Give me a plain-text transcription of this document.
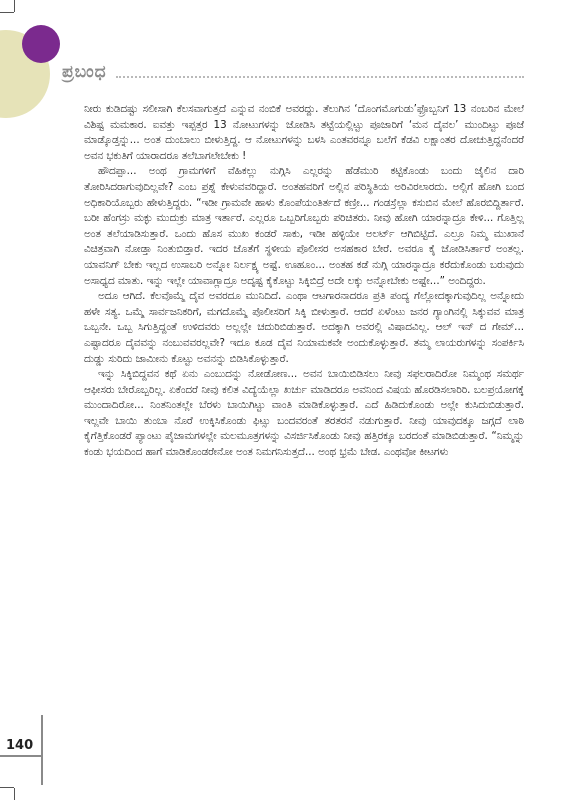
ಪ್ರಬಂಧ

ನೀರು ಕುಡಿದಷ್ಟು ಸಲೀಸಾಗಿ ಕೆಲಸವಾಗುತ್ತದೆ ಎನ್ನುವ ನಂಬಿಕೆ ಅವರದ್ದು. ತೆಲುಗಿನ ‘ದೊಂಗಮೊಗುಡು’ಫ್ರೊಬ್ಬನಿಗೆ 13 ನಂಬರಿನ ಮೇಲೆ ವಿಶಿಷ್ಟ ಮಮಕಾರ. ಐವತ್ತು ಇಪ್ಪತ್ತರ 13 ನೋಟುಗಳನ್ನು ಜೋಡಿಸಿ ತಟ್ಟೆಯಲ್ಲಿಟ್ಟು ಪೂಜಾರಿಗೆ ‘ಮನ ದೈವಲ’ ಮುಂದಿಟ್ಟು ಪೂಜೆ ಮಾಡ್ಕೊಡ್ತನ್ನು... ಅಂತ ದುಂಬಾಲು ಬೀಳುತ್ತಿದ್ದ. ಆ ನೋಟುಗಳನ್ನು ಬಳಸಿ ಎಂತವರನ್ನೂ ಬಲೆಗೆ ಕೆಡವಿ ಲಕ್ಷಾಂತರ ದೋಚುತ್ತಿದ್ದನೆಂದರೆ ಅವನ ಭಕುತಿಗೆ ಯಾರಾದರೂ ತಲೆಬಾಗಲೇಬೇಕು !

ಹೌದಪ್ಪಾ... ಅಂಥ ಗ್ರಾಮಗಳಿಗೆ ವೆಹಿಕಲ್ಲು ನುಗ್ಗಿಸಿ ಎಲ್ಲರನ್ನು ಹೆಡೆಮುರಿ ಕಟ್ಟಿಕೊಂಡು ಬಂದು ಜೈಲಿನ ದಾರಿ ತೋರಿಸಿದರಾಗುವುದಿಲ್ಲವೇ? ಎಂಬ ಪ್ರಶ್ನೆ ಕೇಳುವವರಿದ್ದಾರೆ. ಅಂತಹವರಿಗೆ ಅಲ್ಲಿನ ಪರಿಸ್ಥಿತಿಯ ಅರಿವಿರಲಾರದು. ಅಲ್ಲಿಗೆ ಹೋಗಿ ಬಂದ ಅಧಿಕಾರಿಯೊಬ್ಬರು ಹೇಳುತ್ತಿದ್ದರು. “ಇಡೀ ಗ್ರಾಮವೇ ಹಾಳು ಕೊಂಪೆಯಂತಿರ್ತದೆ ಕಣ್ರೀ... ಗಂಡಸ್ರೆಲ್ಲಾ ಕಸುಬಿನ ಮೇಲೆ ಹೊರಬಿದ್ದಿರ್ತಾರೆ. ಬರೀ ಹೆಂಗಸ್ರು ಮಕ್ಳು ಮುದುಕ್ರು ಮಾತ್ರ ಇರ್ತಾರೆ. ಎಲ್ಲರೂ ಒಬ್ಬರಿಗೊಬ್ಬರು ಪರಿಚಿತರು. ನೀವು ಹೋಗಿ ಯಾರನ್ನಾದ್ರೂ ಕೇಳಿ... ಗೊತ್ತಿಲ್ಲ ಅಂತ ತಲೆಯಾಡಿಸುತ್ತಾರೆ. ಒಂದು ಹೊಸ ಮುಖ ಕಂಡರೆ ಸಾಕು, ಇಡೀ ಹಳ್ಳಿಯೇ ಅಲರ್ಟ್ ಆಗಿಬಿಟ್ಟಿದೆ. ಎಲ್ರೂ ನಿಮ್ಮ ಮುಖಾನೆ ವಿಚಿತ್ರವಾಗಿ ನೋಡ್ತಾ ನಿಂತುಬಿಡ್ತಾರೆ. ಇದರ ಜೊತೆಗೆ ಸ್ಥಳೀಯ ಪೊಲೀಸರ ಅಸಹಕಾರ ಬೇರೆ. ಅವರೂ ಕೈ ಜೋಡಿಸಿರ್ತಾರೆ ಅಂತಲ್ಲ. ಯಾವನಿಗ್ ಬೇಕು ಇಲ್ಲದ ಉಸಾಬರಿ ಅನ್ನೋ ನಿರ್ಲಕ್ಷ್ಯ ಅಷ್ಟೆ. ಊಹೂಂ... ಅಂತಹ ಕಡೆ ನುಗ್ಗಿ ಯಾರನ್ನಾದ್ರೂ ಕರೆದುಕೊಂಡು ಬರುವುದು ಅಸಾಧ್ಯದ ಮಾತು. ಇನ್ನು ಇಲ್ಲೇ ಯಾವಾಗ್ಲಾದ್ರೂ ಅದೃಷ್ಟ ಕೈಕೊಟ್ಟು ಸಿಕ್ಕಿಬಿದ್ರೆ ಅದೇ ಲಕ್ಕು ಅನ್ನೋಬೇಕು ಅಷ್ಟೇ...” ಅಂದಿದ್ದರು.

ಅದೂ ಆಗಿದೆ. ಕೆಲವೊಮ್ಮೆ ದೈವ ಅವರದೂ ಮುನಿದಿದೆ. ಎಂಥಾ ಆಟಗಾರನಾದರೂ ಪ್ರತಿ ಪಂದ್ಯ ಗೆಲ್ಲೋದಕ್ಕಾಗುವುದಿಲ್ಲ ಅನ್ನೋದು ಹಳೇ ಸತ್ಯ. ಒಮ್ಮೆ ಸಾರ್ವಜನಿಕರಿಗೆ, ಮಗದೊಮ್ಮೆ ಪೊಲೀಸರಿಗೆ ಸಿಕ್ಕಿ ಬೀಳುತ್ತಾರೆ. ಆದರೆ ಏಳೆಂಟು ಜನರ ಗ್ಯಾಂಗಿನಲ್ಲಿ ಸಿಕ್ಕುವವ ಮಾತ್ರ ಒಬ್ಬನೇ. ಒಬ್ಬ ಸಿಗುತ್ತಿದ್ದಂತೆ ಉಳಿದವರು ಅಲ್ಲಲ್ಲೇ ಚದುರಿಬಿಡುತ್ತಾರೆ. ಅದಕ್ಕಾಗಿ ಅವರಲ್ಲಿ ವಿಷಾದವಿಲ್ಲ. ಆಲ್ ಇನ್ ದ ಗೇಮ್... ಎಷ್ಟಾದರೂ ದೈವವನ್ನು ನಂಬುವವರಲ್ಲವೇ? ಇದೂ ಕೂಡ ದೈವ ನಿಯಾಮಕವೇ ಅಂದುಕೊಳ್ಳುತ್ತಾರೆ. ತಮ್ಮ ಲಾಯರುಗಳನ್ನು ಸಂಪರ್ಕಿಸಿ ದುಡ್ಡು ಸುರಿದು ಜಾಮೀನು ಕೊಟ್ಟು ಅವನನ್ನು ಬಿಡಿಸಿಕೊಳ್ಳುತ್ತಾರೆ.

ಇನ್ನು ಸಿಕ್ಕಿಬಿದ್ದವನ ಕಥೆ ಏನು ಎಂಬುದನ್ನು ನೋಡೋಣ... ಅವನ ಬಾಯಿಬಿಡಿಸಲು ನೀವು ಸಫಲರಾದಿರೋ ನಿಮ್ಮಂಥ ಸಮರ್ಥ ಆಫೀಸರು ಬೇರೊಬ್ಬರಿಲ್ಲ. ಏಕೆಂದರೆ ನೀವು ಕಲಿತ ವಿದ್ಯೆಯೆಲ್ಲಾ ಖರ್ಚು ಮಾಡಿದರೂ ಅವನಿಂದ ವಿಷಯ ಹೊರಡಿಸಲಾರಿರಿ. ಬಲಪ್ರಯೋಗಕ್ಕೆ ಮುಂದಾದಿರೋ... ನಿಂತನಿಂತಲ್ಲೇ ಬೆರಳು ಬಾಯಿಗಿಟ್ಟು ವಾಂತಿ ಮಾಡಿಕೊಳ್ಳುತ್ತಾರೆ. ಎದೆ ಹಿಡಿದುಕೊಂಡು ಅಲ್ಲೇ ಕುಸಿದುಬಿಡುತ್ತಾರೆ. ಇಲ್ಲವೇ ಬಾಯಿ ತುಂಬಾ ನೊರೆ ಉಕ್ಕಿಸಿಕೊಂಡು ಫಿಟ್ಸು ಬಂದವರಂತೆ ತರತರನೆ ನಡುಗುತ್ತಾರೆ. ನೀವು ಯಾವುದಕ್ಕೂ ಜಗ್ಗದೆ ಲಾಠಿ ಕೈಗೆತ್ತಿಕೊಂಡರೆ ಪ್ಯಾಂಟು ಪೈಜಾಮಗಳಲ್ಲೇ ಮಲಮೂತ್ರಗಳನ್ನು ವಿಸರ್ಜಿಸಿಕೊಂಡು ನೀವು ಹತ್ತಿರಕ್ಕೂ ಬರದಂತೆ ಮಾಡಿಬಿಡುತ್ತಾರೆ. “ನಿಮ್ಮನ್ನು ಕಂಡು ಭಯದಿಂದ ಹಾಗೆ ಮಾಡಿಕೊಂಡರೇನೋ ಅಂತ ನಿಮಗನಿಸುತ್ತದೆ... ಅಂಥ ಭ್ರಮೆ ಬೇಡ. ಎಂಥವೋ ಕೀಟಗಳು

140
